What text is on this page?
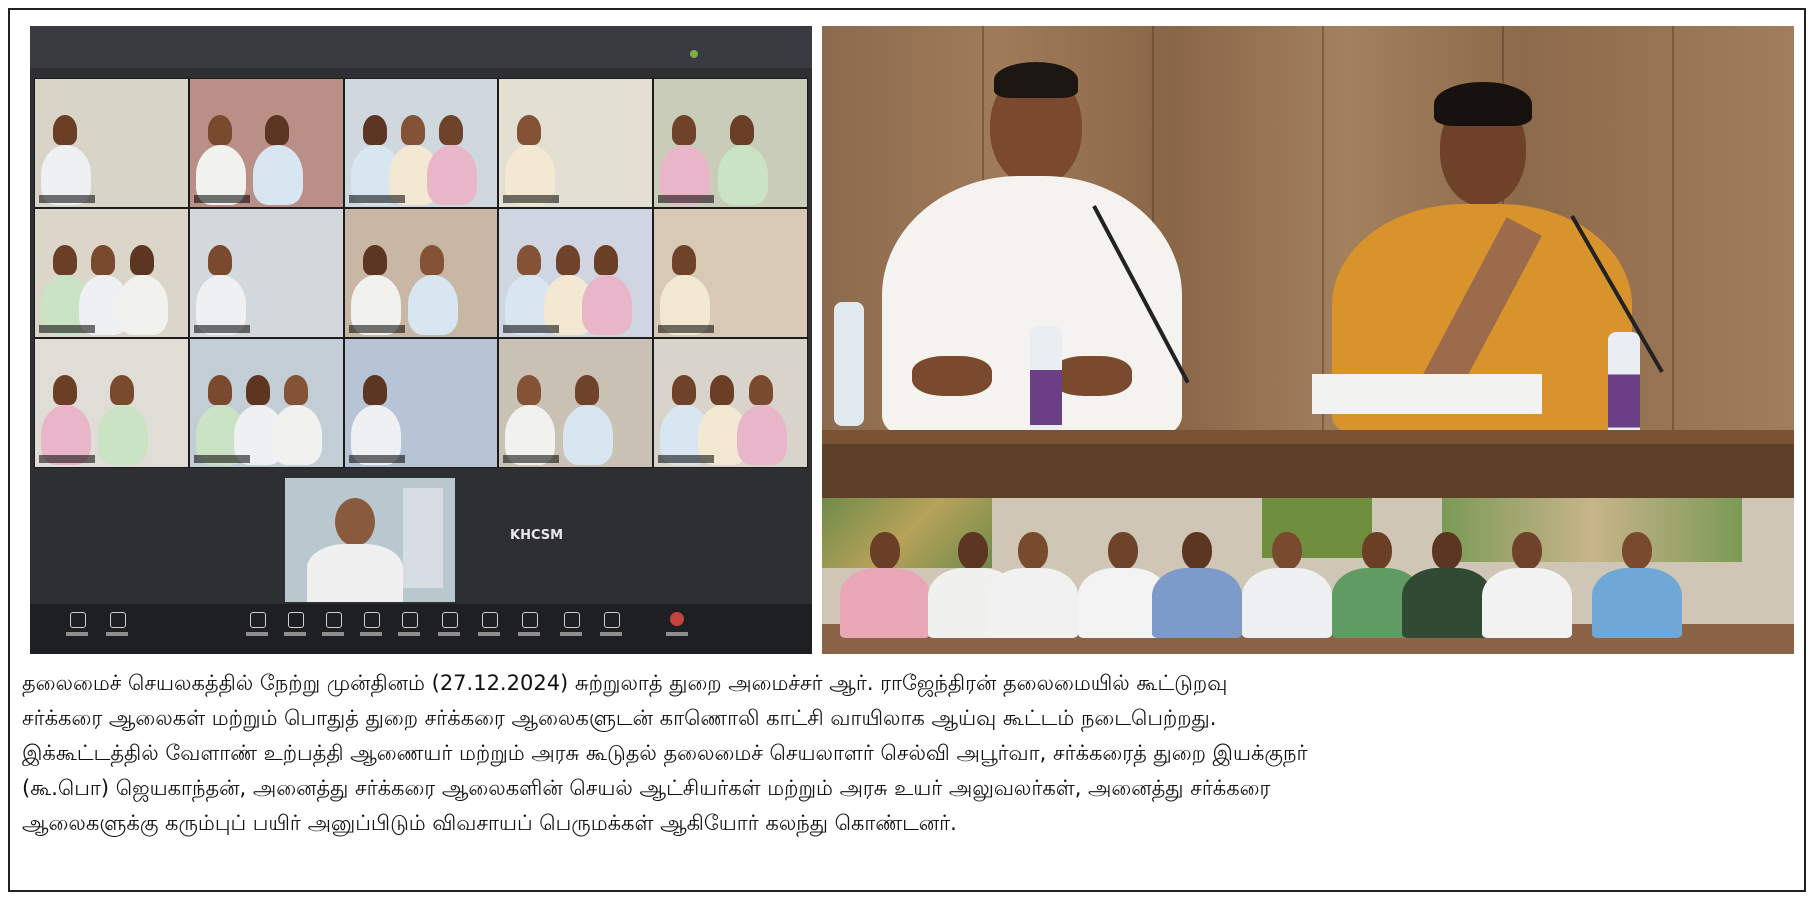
KHCSM
தலைமைச் செயலகத்தில் நேற்று முன்தினம் (27.12.2024) சுற்றுலாத் துறை அமைச்சர் ஆர். ராஜேந்திரன் தலைமையில் கூட்டுறவு
சர்க்கரை ஆலைகள் மற்றும் பொதுத் துறை சர்க்கரை ஆலைகளுடன் காணொலி காட்சி வாயிலாக ஆய்வு கூட்டம் நடைபெற்றது.
இக்கூட்டத்தில் வேளாண் உற்பத்தி ஆணையர் மற்றும் அரசு கூடுதல் தலைமைச் செயலாளர் செல்வி அபூர்வா, சர்க்கரைத் துறை இயக்குநர்
(கூ.பொ) ஜெயகாந்தன், அனைத்து சர்க்கரை ஆலைகளின் செயல் ஆட்சியர்கள் மற்றும் அரசு உயர் அலுவலர்கள், அனைத்து சர்க்கரை
ஆலைகளுக்கு கரும்புப் பயிர் அனுப்பிடும் விவசாயப் பெருமக்கள் ஆகியோர் கலந்து கொண்டனர்.
